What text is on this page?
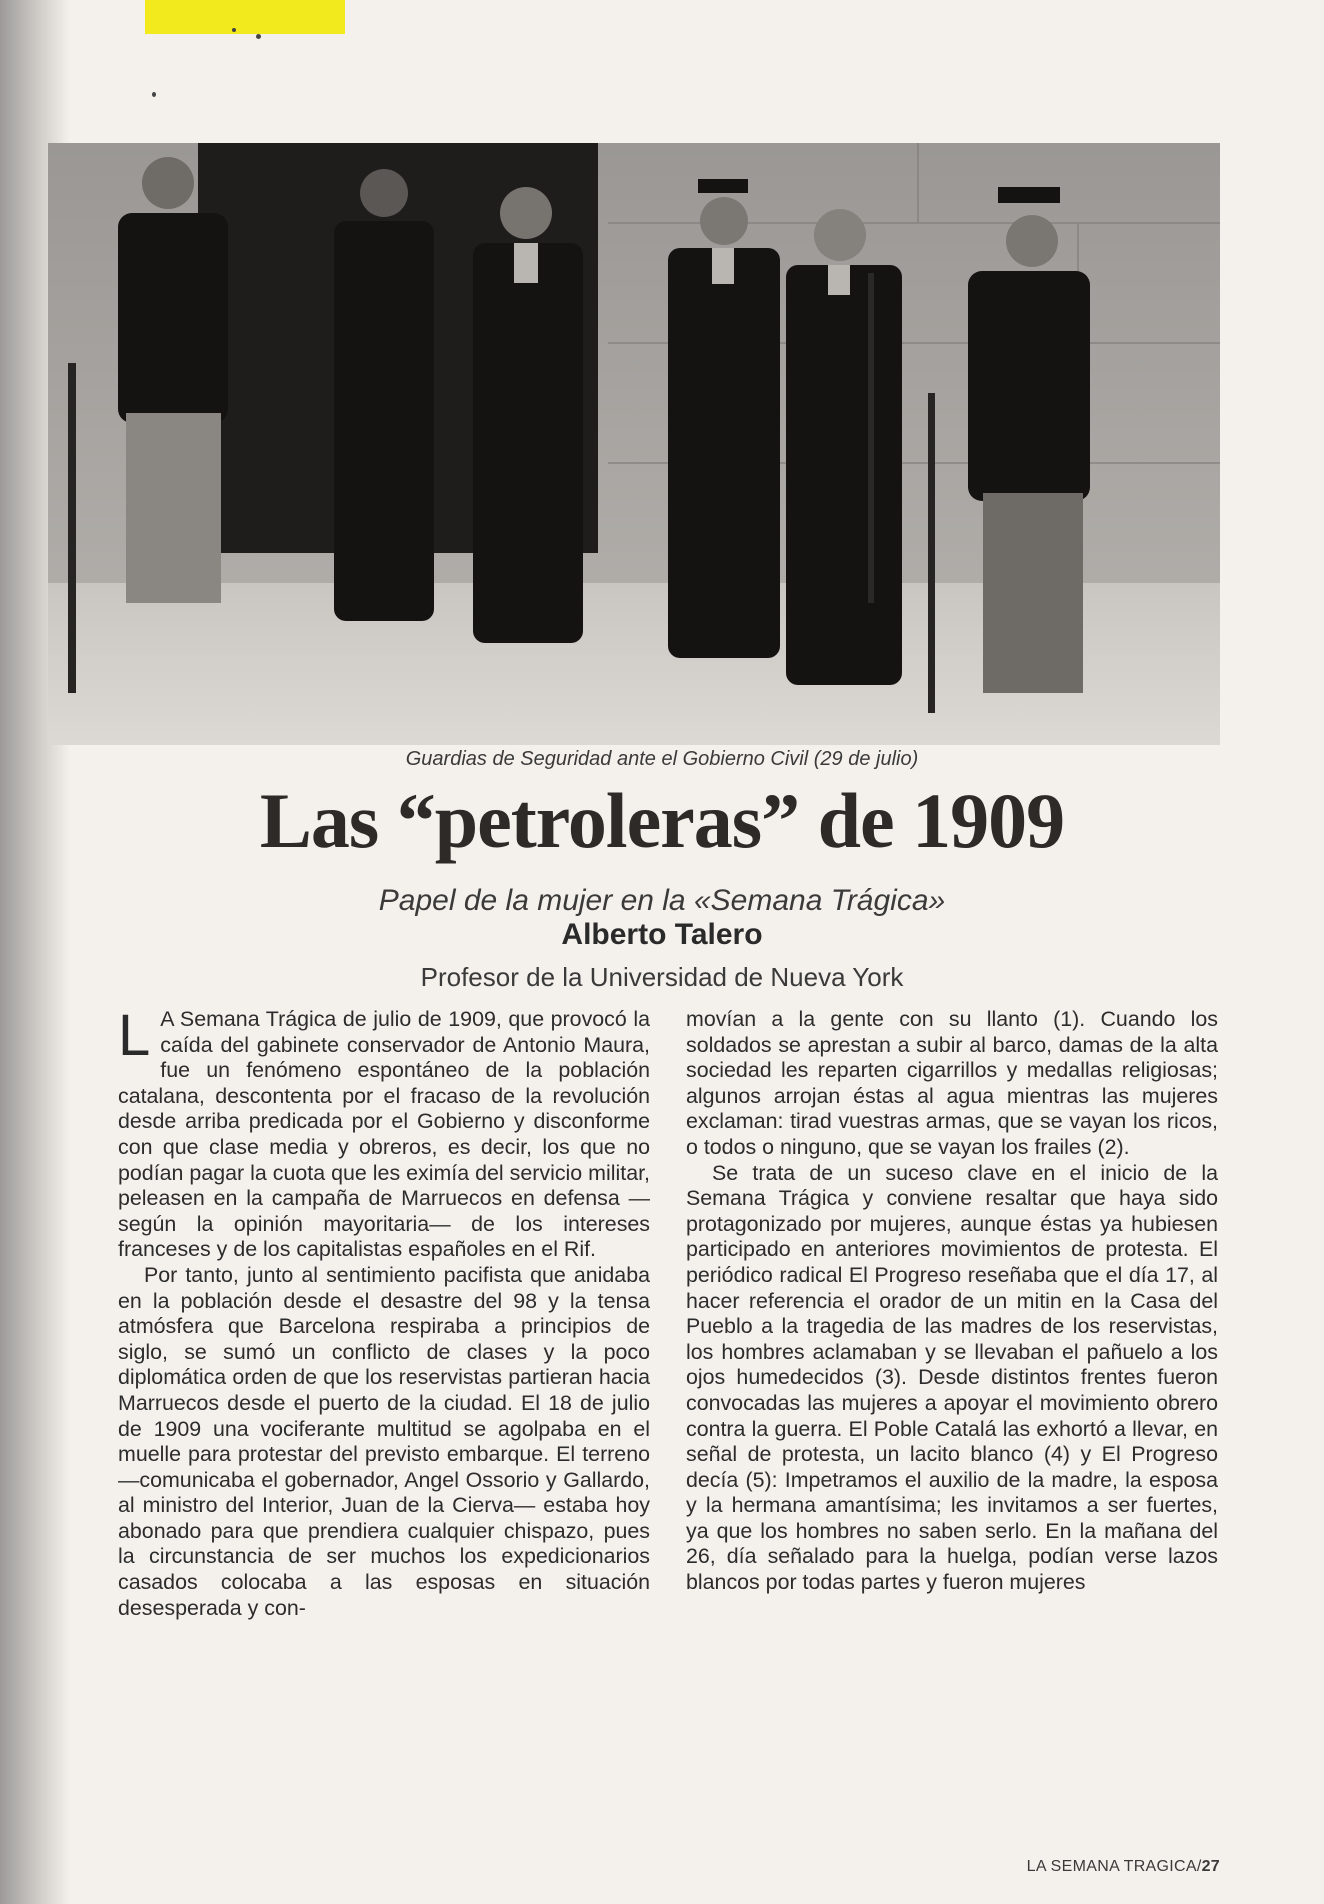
Guardias de Seguridad ante el Gobierno Civil (29 de julio)
Las “petroleras” de 1909
Papel de la mujer en la «Semana Trágica»
Alberto Talero
Profesor de la Universidad de Nueva York
L A Semana Trágica de julio de 1909, que provocó la caída del gabinete conservador de Antonio Maura, fue un fenómeno espontáneo de la población catalana, descontenta por el fracaso de la revolución desde arriba predicada por el Gobierno y disconforme con que clase media y obreros, es decir, los que no podían pagar la cuota que les eximía del servicio militar, peleasen en la campaña de Marruecos en defensa —según la opinión mayoritaria— de los intereses franceses y de los capitalistas españoles en el Rif.

Por tanto, junto al sentimiento pacifista que anidaba en la población desde el desastre del 98 y la tensa atmósfera que Barcelona respiraba a principios de siglo, se sumó un conflicto de clases y la poco diplomática orden de que los reservistas partieran hacia Marruecos desde el puerto de la ciudad. El 18 de julio de 1909 una vociferante multitud se agolpaba en el muelle para protestar del previsto embarque. El terreno —comunicaba el gobernador, Angel Ossorio y Gallardo, al ministro del Interior, Juan de la Cierva— estaba hoy abonado para que prendiera cualquier chispazo, pues la circunstancia de ser muchos los expedicionarios casados colocaba a las esposas en situación desesperada y con-

movían a la gente con su llanto (1). Cuando los soldados se aprestan a subir al barco, damas de la alta sociedad les reparten cigarrillos y medallas religiosas; algunos arrojan éstas al agua mientras las mujeres exclaman: tirad vuestras armas, que se vayan los ricos, o todos o ninguno, que se vayan los frailes (2).

Se trata de un suceso clave en el inicio de la Semana Trágica y conviene resaltar que haya sido protagonizado por mujeres, aunque éstas ya hubiesen participado en anteriores movimientos de protesta. El periódico radical El Progreso reseñaba que el día 17, al hacer referencia el orador de un mitin en la Casa del Pueblo a la tragedia de las madres de los reservistas, los hombres aclamaban y se llevaban el pañuelo a los ojos humedecidos (3). Desde distintos frentes fueron convocadas las mujeres a apoyar el movimiento obrero contra la guerra. El Poble Catalá las exhortó a llevar, en señal de protesta, un lacito blanco (4) y El Progreso decía (5): Impetramos el auxilio de la madre, la esposa y la hermana amantísima; les invitamos a ser fuertes, ya que los hombres no saben serlo. En la mañana del 26, día señalado para la huelga, podían verse lazos blancos por todas partes y fueron mujeres

LA SEMANA TRAGICA/27
